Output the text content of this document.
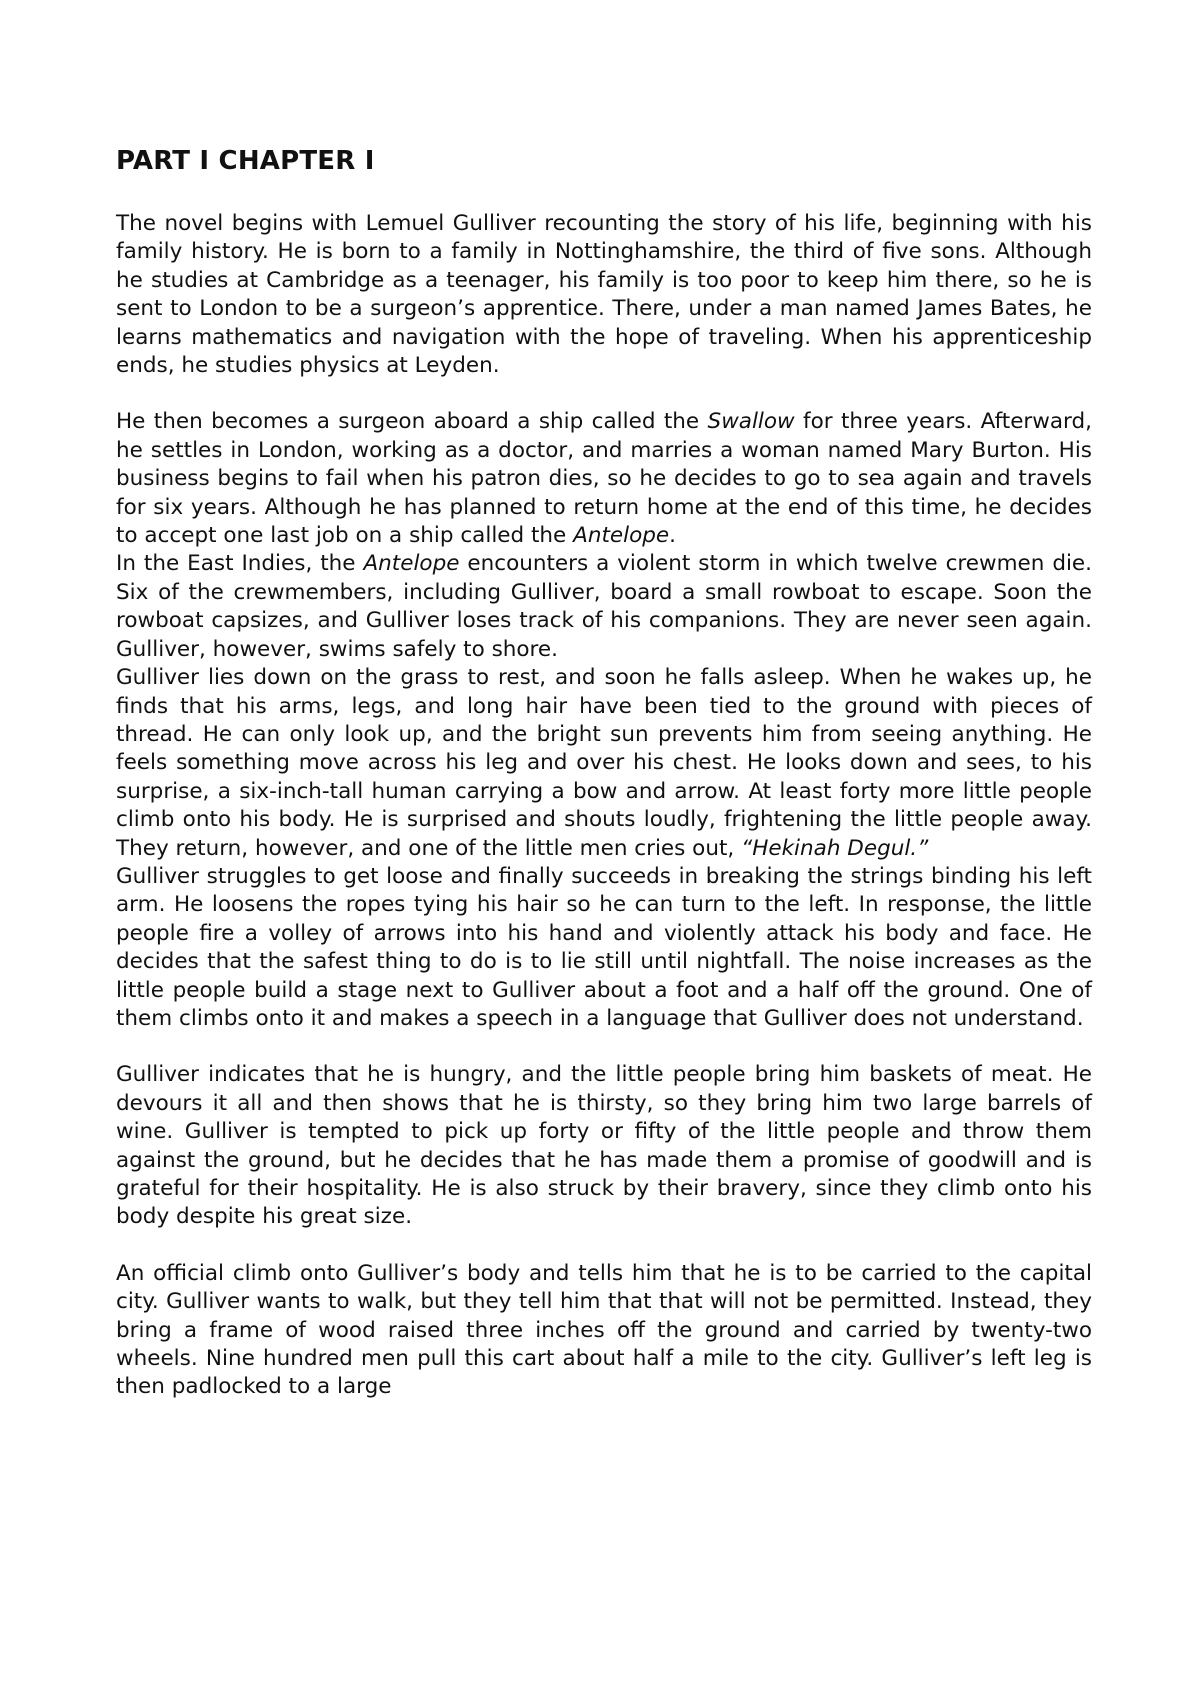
PART I CHAPTER I

The novel begins with Lemuel Gulliver recounting the story of his life, beginning with his family history. He is born to a family in Nottinghamshire, the third of five sons. Although he studies at Cambridge as a teenager, his family is too poor to keep him there, so he is sent to London to be a surgeon’s apprentice. There, under a man named James Bates, he learns mathematics and navigation with the hope of traveling. When his apprenticeship ends, he studies physics at Leyden.

He then becomes a surgeon aboard a ship called the Swallow for three years. Afterward, he settles in London, working as a doctor, and marries a woman named Mary Burton. His business begins to fail when his patron dies, so he decides to go to sea again and travels for six years. Although he has planned to return home at the end of this time, he decides to accept one last job on a ship called the Antelope.

In the East Indies, the Antelope encounters a violent storm in which twelve crewmen die. Six of the crewmembers, including Gulliver, board a small rowboat to escape. Soon the rowboat capsizes, and Gulliver loses track of his companions. They are never seen again. Gulliver, however, swims safely to shore.

Gulliver lies down on the grass to rest, and soon he falls asleep. When he wakes up, he finds that his arms, legs, and long hair have been tied to the ground with pieces of thread. He can only look up, and the bright sun prevents him from seeing anything. He feels something move across his leg and over his chest. He looks down and sees, to his surprise, a six-inch-tall human carrying a bow and arrow. At least forty more little people climb onto his body. He is surprised and shouts loudly, frightening the little people away. They return, however, and one of the little men cries out, “Hekinah Degul.”

Gulliver struggles to get loose and finally succeeds in breaking the strings binding his left arm. He loosens the ropes tying his hair so he can turn to the left. In response, the little people fire a volley of arrows into his hand and violently attack his body and face. He decides that the safest thing to do is to lie still until nightfall. The noise increases as the little people build a stage next to Gulliver about a foot and a half off the ground. One of them climbs onto it and makes a speech in a language that Gulliver does not understand.

Gulliver indicates that he is hungry, and the little people bring him baskets of meat. He devours it all and then shows that he is thirsty, so they bring him two large barrels of wine. Gulliver is tempted to pick up forty or fifty of the little people and throw them against the ground, but he decides that he has made them a promise of goodwill and is grateful for their hospitality. He is also struck by their bravery, since they climb onto his body despite his great size.

An official climb onto Gulliver’s body and tells him that he is to be carried to the capital city. Gulliver wants to walk, but they tell him that that will not be permitted. Instead, they bring a frame of wood raised three inches off the ground and carried by twenty-two wheels. Nine hundred men pull this cart about half a mile to the city. Gulliver’s left leg is then padlocked to a large
